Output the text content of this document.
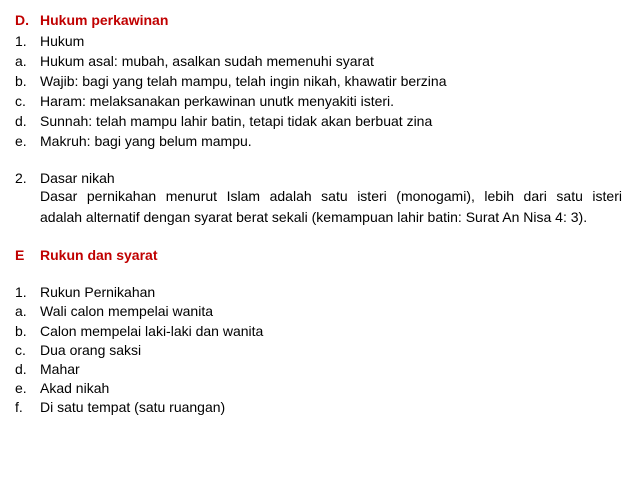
D. Hukum perkawinan
1. Hukum
a. Hukum asal: mubah, asalkan sudah memenuhi syarat
b. Wajib: bagi yang telah mampu, telah ingin nikah, khawatir berzina
c.	Haram: melaksanakan perkawinan unutk menyakiti isteri.
d. Sunnah: telah mampu lahir batin, tetapi tidak akan berbuat zina
e. Makruh: bagi yang belum mampu.
2. Dasar nikah
Dasar pernikahan menurut Islam adalah satu isteri (monogami), lebih dari satu isteri
adalah alternatif dengan syarat berat sekali (kemampuan lahir batin: Surat An Nisa 4: 3).
E	Rukun dan syarat
1. Rukun Pernikahan
a. Wali calon mempelai wanita
b. Calon mempelai laki-laki dan wanita
c.	Dua orang saksi
d. Mahar
e. Akad nikah
f.	Di satu tempat (satu ruangan)
